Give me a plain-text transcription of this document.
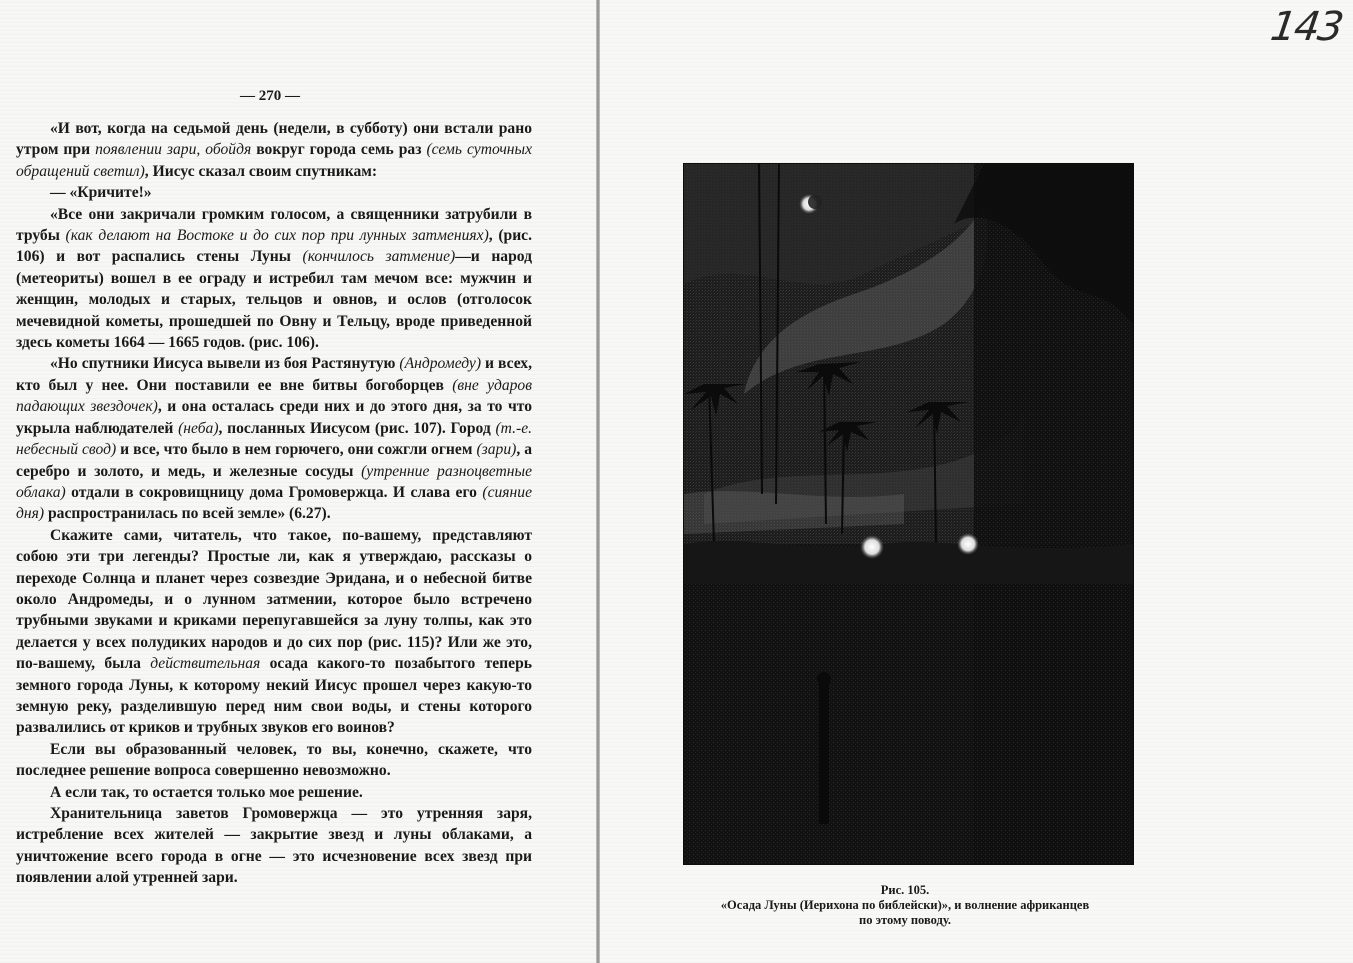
— 270 —

«И вот, когда на седьмой день (недели, в субботу) они встали рано утром при появлении зари, обойдя вокруг города семь раз (семь суточных обращений светил), Иисус сказал своим спутникам:

— «Кричите!»

«Все они закричали громким голосом, а священники затрубили в трубы (как делают на Востоке и до сих пор при лунных затмениях), (рис. 106) и вот распались стены Луны (кончилось затмение)—и народ (метеориты) вошел в ее ограду и истребил там мечом все: мужчин и женщин, молодых и старых, тельцов и овнов, и ослов (отголосок мечевидной кометы, прошедшей по Овну и Тельцу, вроде приведенной здесь кометы 1664 — 1665 годов. (рис. 106).

«Но спутники Иисуса вывели из боя Растянутую (Андромеду) и всех, кто был у нее. Они поставили ее вне битвы богоборцев (вне ударов падающих звездочек), и она осталась среди них и до этого дня, за то что укрыла наблюдателей (неба), посланных Иисусом (рис. 107). Город (т.-е. небесный свод) и все, что было в нем горючего, они сожгли огнем (зари), а серебро и золото, и медь, и железные сосуды (утренние разноцветные облака) отдали в сокровищницу дома Громовержца. И слава его (сияние дня) распространилась по всей земле» (6.27).

Скажите сами, читатель, что такое, по-вашему, представляют собою эти три легенды? Простые ли, как я утверждаю, рассказы о переходе Солнца и планет через созвездие Эридана, и о небесной битве около Андромеды, и о лунном затмении, которое было встречено трубными звуками и криками перепугавшейся за луну толпы, как это делается у всех полудиких народов и до сих пор (рис. 115)? Или же это, по-вашему, была действительная осада какого-то позабытого теперь земного города Луны, к которому некий Иисус прошел через какую-то земную реку, разделившую перед ним свои воды, и стены которого развалились от криков и трубных звуков его воинов?

Если вы образованный человек, то вы, конечно, скажете, что последнее решение вопроса совершенно невозможно.

А если так, то остается только мое решение.

Хранительница заветов Громовержца — это утренняя заря, истребление всех жителей — закрытие звезд и луны облаками, а уничтожение всего города в огне — это исчезновение всех звезд при появлении алой утренней зари.

143
Рис. 105.
«Осада Луны (Иерихона по библейски)», и волнение африканцев
по этому поводу.
